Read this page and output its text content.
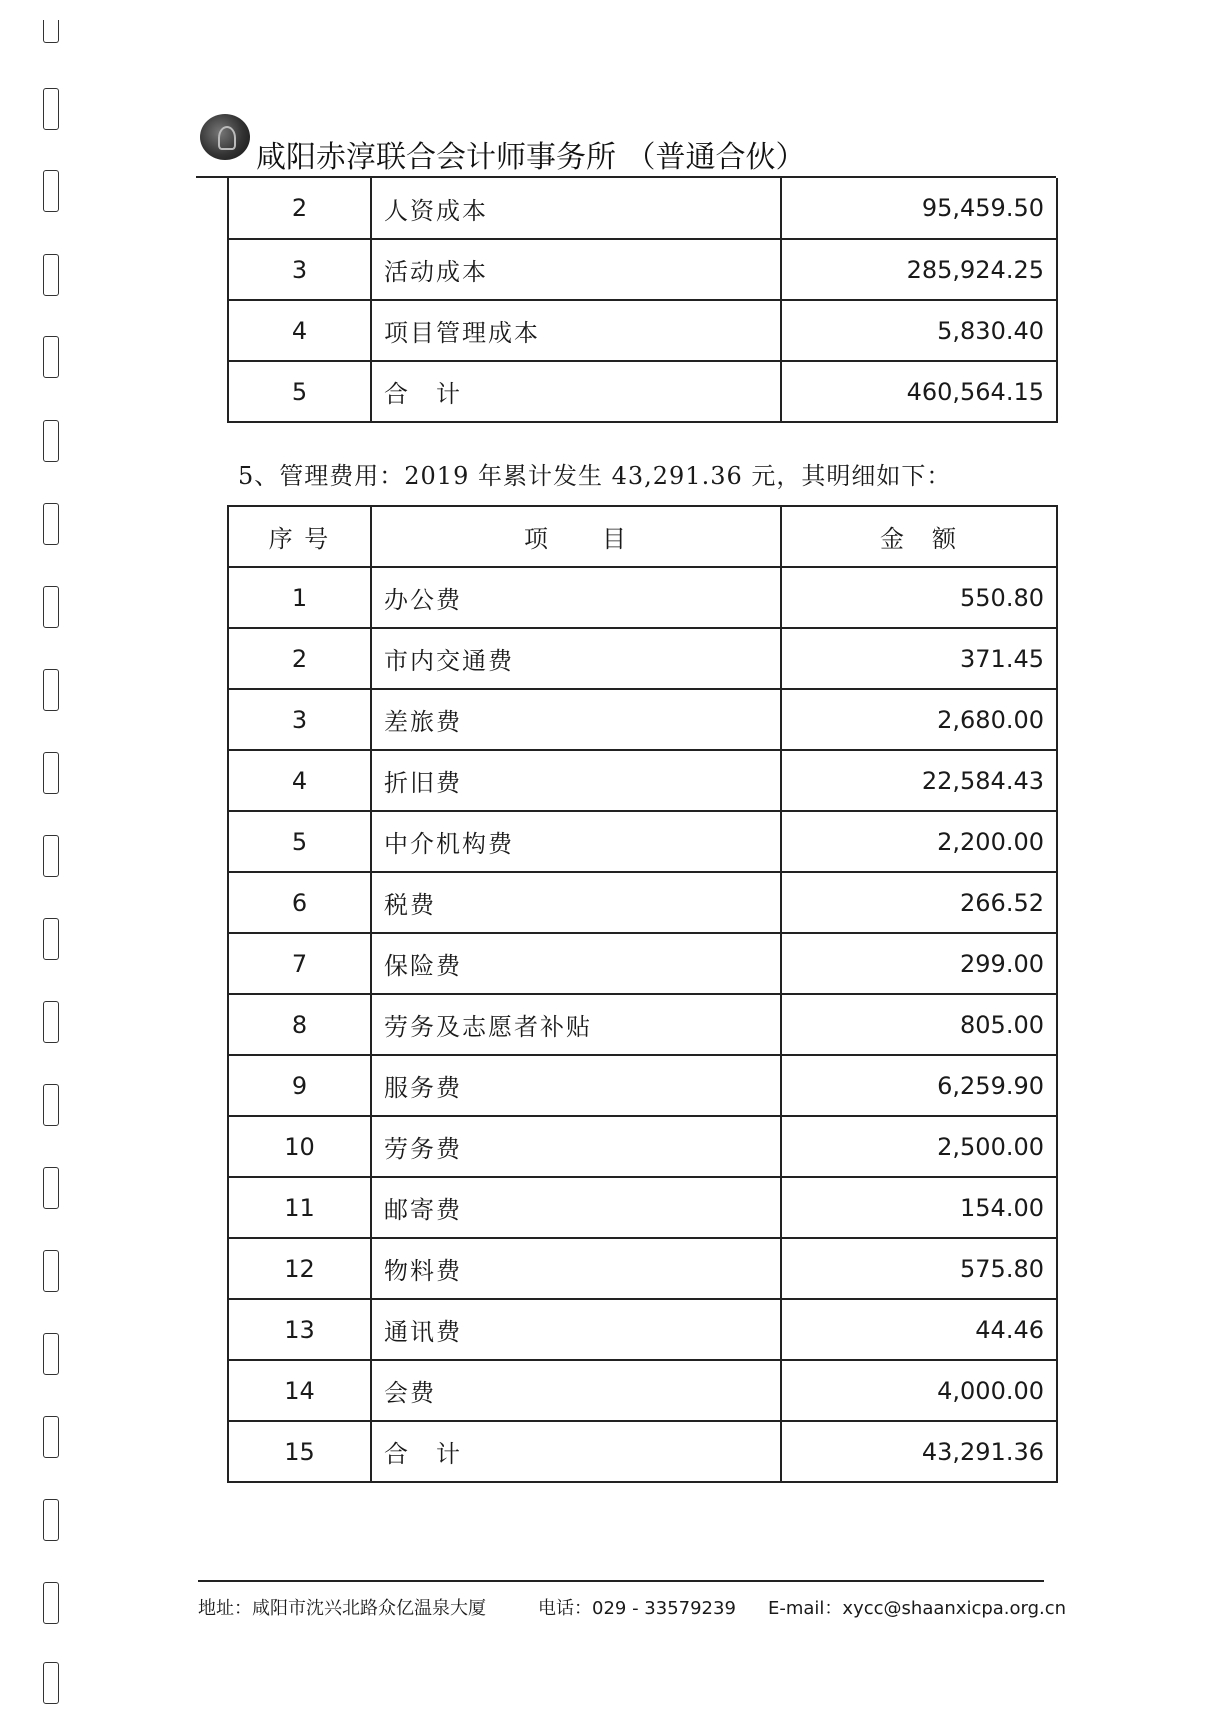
咸阳赤淳联合会计师事务所 （普通合伙）
2	人资成本	95,459.50
3	活动成本	285,924.25
4	项目管理成本	5,830.40
5	合　计	460,564.15
5、管理费用：2019 年累计发生 43,291.36 元，其明细如下：
序 号	项　　目	金　额
1	办公费	550.80
2	市内交通费	371.45
3	差旅费	2,680.00
4	折旧费	22,584.43
5	中介机构费	2,200.00
6	税费	266.52
7	保险费	299.00
8	劳务及志愿者补贴	805.00
9	服务费	6,259.90
10	劳务费	2,500.00
11	邮寄费	154.00
12	物料费	575.80
13	通讯费	44.46
14	会费	4,000.00
15	合　计	43,291.36
地址：咸阳市沈兴北路众亿温泉大厦	电话：029 - 33579239 E-mail：xycc@shaanxicpa.org.cn
